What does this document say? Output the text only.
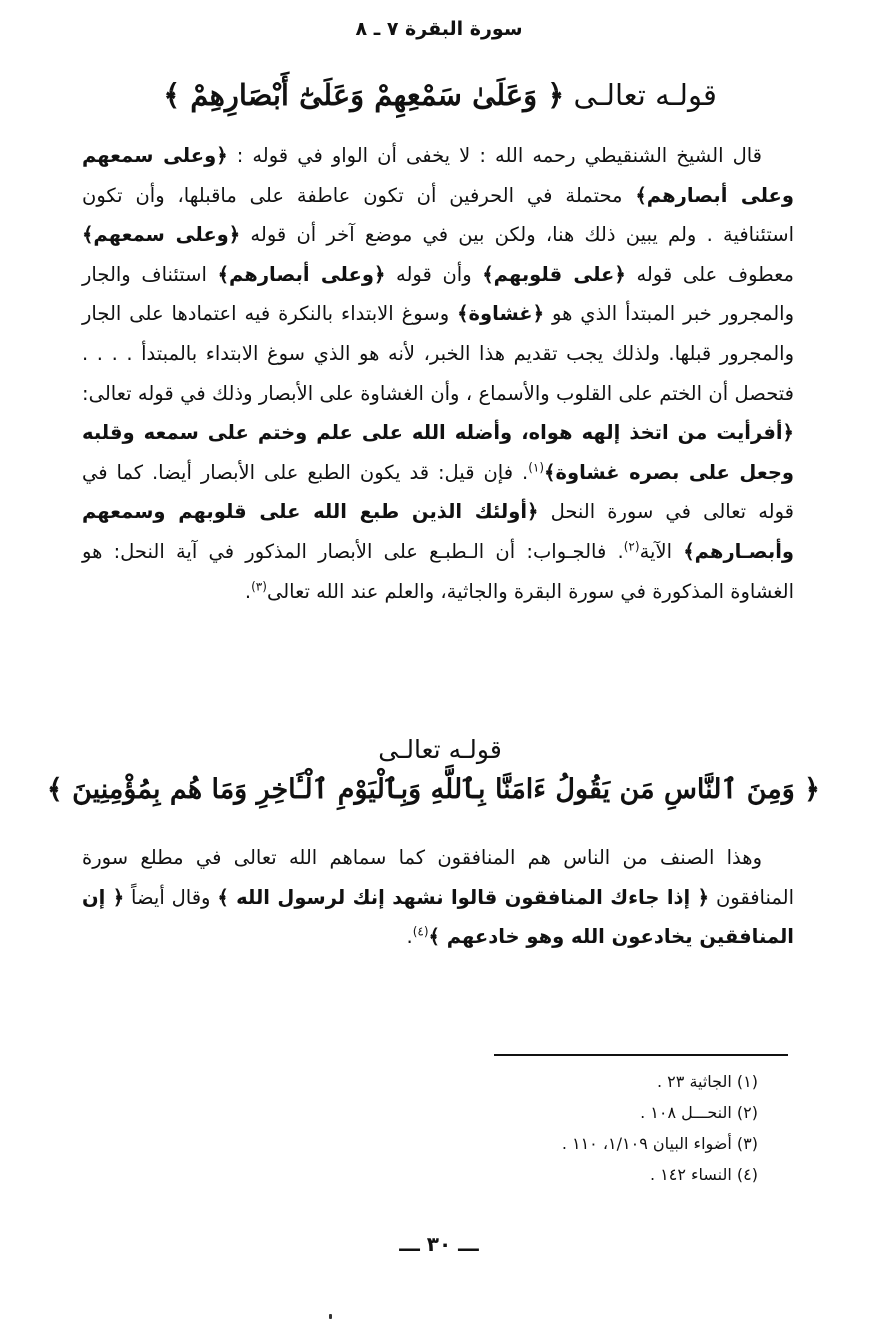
سورة البقرة ٧ ـ ٨
قولـه تعالـى ﴿ وَعَلَىٰ سَمْعِهِمْ وَعَلَىٰٓ أَبْصَارِهِمْ ﴾

قال الشيخ الشنقيطي رحمه الله : لا يخفى أن الواو في قوله : ﴿وعلى سمعهم وعلى أبصارهم﴾ محتملة في الحرفين أن تكون عاطفة على ماقبلها، وأن تكون استئنافية . ولم يبين ذلك هنا، ولكن بين في موضع آخر أن قوله ﴿وعلى سمعهم﴾ معطوف على قوله ﴿على قلوبهم﴾ وأن قوله ﴿وعلى أبصارهم﴾ استئناف والجار والمجرور خبر المبتدأ الذي هو ﴿غشاوة﴾ وسوغ الابتداء بالنكرة فيه اعتمادها على الجار والمجرور قبلها. ولذلك يجب تقديم هذا الخبر، لأنه هو الذي سوغ الابتداء بالمبتدأ . . . . فتحصل أن الختم على القلوب والأسماع ، وأن الغشاوة على الأبصار وذلك في قوله تعالى: ﴿أفرأيت من اتخذ إلهه هواه، وأضله الله على علم وختم على سمعه وقلبه وجعل على بصره غشاوة﴾$^{(١)}$. فإن قيل: قد يكون الطبع على الأبصار أيضا. كما في قوله تعالى في سورة النحل ﴿أولئك الذين طبع الله على قلوبهم وسمعهم وأبصـارهم﴾ الآية$^{(٢)}$. فالجـواب: أن الـطبـع على الأبصار المذكور في آية النحل: هو الغشاوة المذكورة في سورة البقرة والجاثية، والعلم عند الله تعالى$^{(٣)}$.

قولـه تعالـى
﴿ وَمِنَ ٱلنَّاسِ مَن يَقُولُ ءَامَنَّا بِٱللَّهِ وَبِٱلْيَوْمِ ٱلْـَٔاخِرِ وَمَا هُم بِمُؤْمِنِينَ ﴾

وهذا الصنف من الناس هم المنافقون كما سماهم الله تعالى في مطلع سورة المنافقون ﴿ إذا جاءك المنافقون قالوا نشهد إنك لرسول الله ﴾ وقال أيضاً ﴿ إن المنافقين يخادعون الله وهو خادعهم ﴾$^{(٤)}$.

(١) الجاثية ٢٣ .
(٢) النحـــل ١٠٨ .
(٣) أضواء البيان ١/١٠٩، ١١٠ .
(٤) النساء ١٤٢ .
ـــ ٣٠ ـــ
